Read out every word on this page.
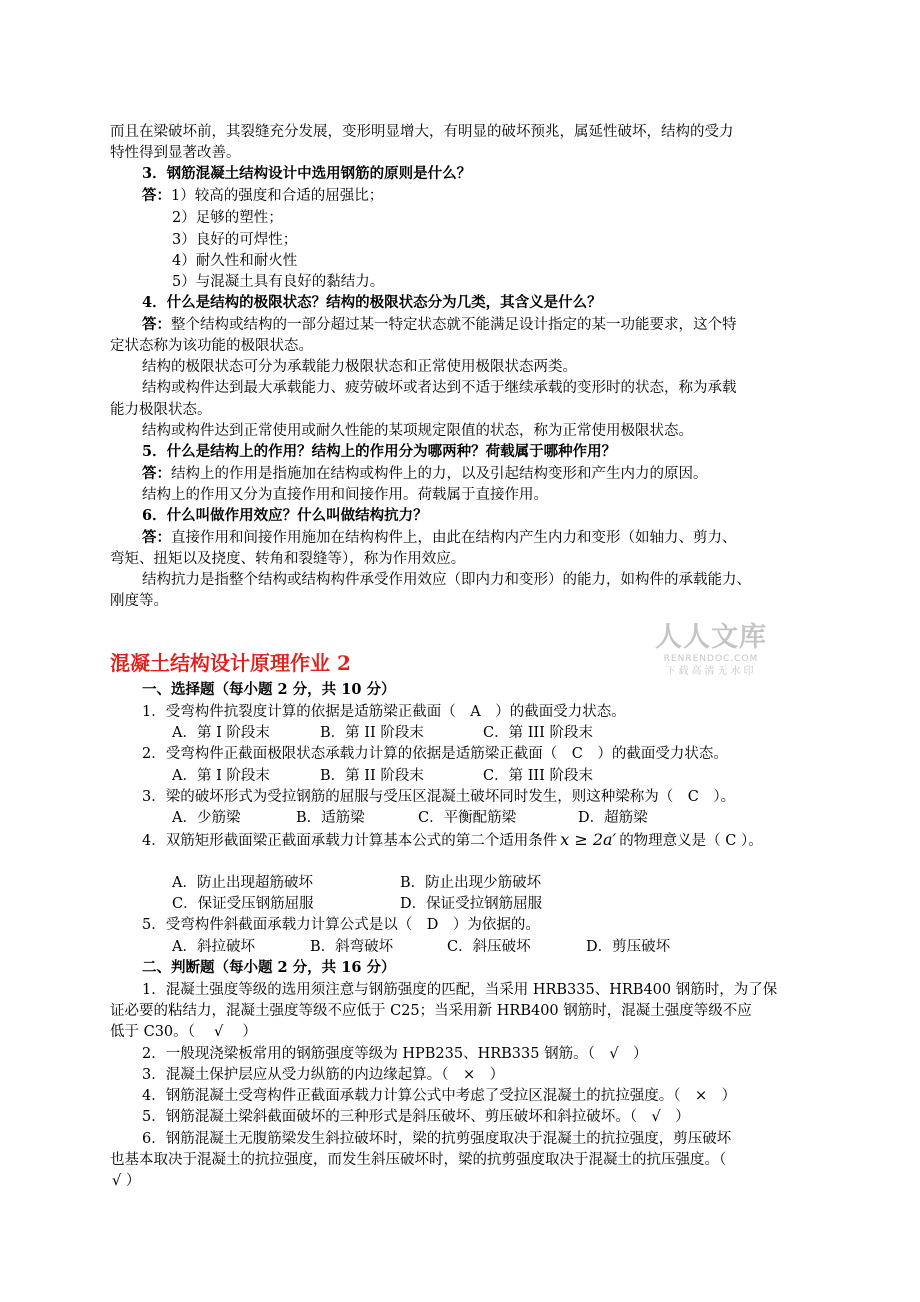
而且在梁破坏前，其裂缝充分发展，变形明显增大，有明显的破坏预兆，属延性破坏，结构的受力
特性得到显著改善。
3．钢筋混凝土结构设计中选用钢筋的原则是什么？
答：1）较高的强度和合适的屈强比；
2）足够的塑性；
3）良好的可焊性；
4）耐久性和耐火性
5）与混凝土具有良好的黏结力。
4．什么是结构的极限状态？结构的极限状态分为几类，其含义是什么？
答：整个结构或结构的一部分超过某一特定状态就不能满足设计指定的某一功能要求，这个特
定状态称为该功能的极限状态。
结构的极限状态可分为承载能力极限状态和正常使用极限状态两类。
结构或构件达到最大承载能力、疲劳破坏或者达到不适于继续承载的变形时的状态，称为承载
能力极限状态。
结构或构件达到正常使用或耐久性能的某项规定限值的状态，称为正常使用极限状态。
5．什么是结构上的作用？结构上的作用分为哪两种？荷载属于哪种作用？
答：结构上的作用是指施加在结构或构件上的力，以及引起结构变形和产生内力的原因。
结构上的作用又分为直接作用和间接作用。荷载属于直接作用。
6．什么叫做作用效应？什么叫做结构抗力？
答：直接作用和间接作用施加在结构构件上，由此在结构内产生内力和变形（如轴力、剪力、
弯矩、扭矩以及挠度、转角和裂缝等），称为作用效应。
结构抗力是指整个结构或结构构件承受作用效应（即内力和变形）的能力，如构件的承载能力、
刚度等。
人人文库
RENRENDOC.COM
下载高清无水印
混凝土结构设计原理作业 2
一、选择题（每小题 2 分，共 10 分）
1．受弯构件抗裂度计算的依据是适筋梁正截面（　A　）的截面受力状态。
A．第 I 阶段末	B．第 II 阶段末	C．第 III 阶段末
2．受弯构件正截面极限状态承载力计算的依据是适筋梁正截面（　C　）的截面受力状态。
A．第 I 阶段末	B．第 II 阶段末	C．第 III 阶段末
3．梁的破坏形式为受拉钢筋的屈服与受压区混凝土破坏同时发生，则这种梁称为（　C　）。
A．少筋梁	B．适筋梁	C．平衡配筋梁	D．超筋梁
4．双筋矩形截面梁正截面承载力计算基本公式的第二个适用条件 x ≥ 2a′ 的物理意义是（ C ）。
A．防止出现超筋破坏	B．防止出现少筋破坏
C．保证受压钢筋屈服	D．保证受拉钢筋屈服
5．受弯构件斜截面承载力计算公式是以（　D　）为依据的。
A．斜拉破坏	B．斜弯破坏	C．斜压破坏	D．剪压破坏
二、判断题（每小题 2 分，共 16 分）
1．混凝土强度等级的选用须注意与钢筋强度的匹配，当采用 HRB335、HRB400 钢筋时，为了保
证必要的粘结力，混凝土强度等级不应低于 C25；当采用新 HRB400 钢筋时，混凝土强度等级不应
低于 C30。（　 √　 ）
2．一般现浇梁板常用的钢筋强度等级为 HPB235、HRB335 钢筋。（　√　）
3．混凝土保护层应从受力纵筋的内边缘起算。（　×　）
4．钢筋混凝土受弯构件正截面承载力计算公式中考虑了受拉区混凝土的抗拉强度。（　×　）
5．钢筋混凝土梁斜截面破坏的三种形式是斜压破坏、剪压破坏和斜拉破坏。（　√　）
6．钢筋混凝土无腹筋梁发生斜拉破坏时，梁的抗剪强度取决于混凝土的抗拉强度，剪压破坏
也基本取决于混凝土的抗拉强度，而发生斜压破坏时，梁的抗剪强度取决于混凝土的抗压强度。（
√ ）
